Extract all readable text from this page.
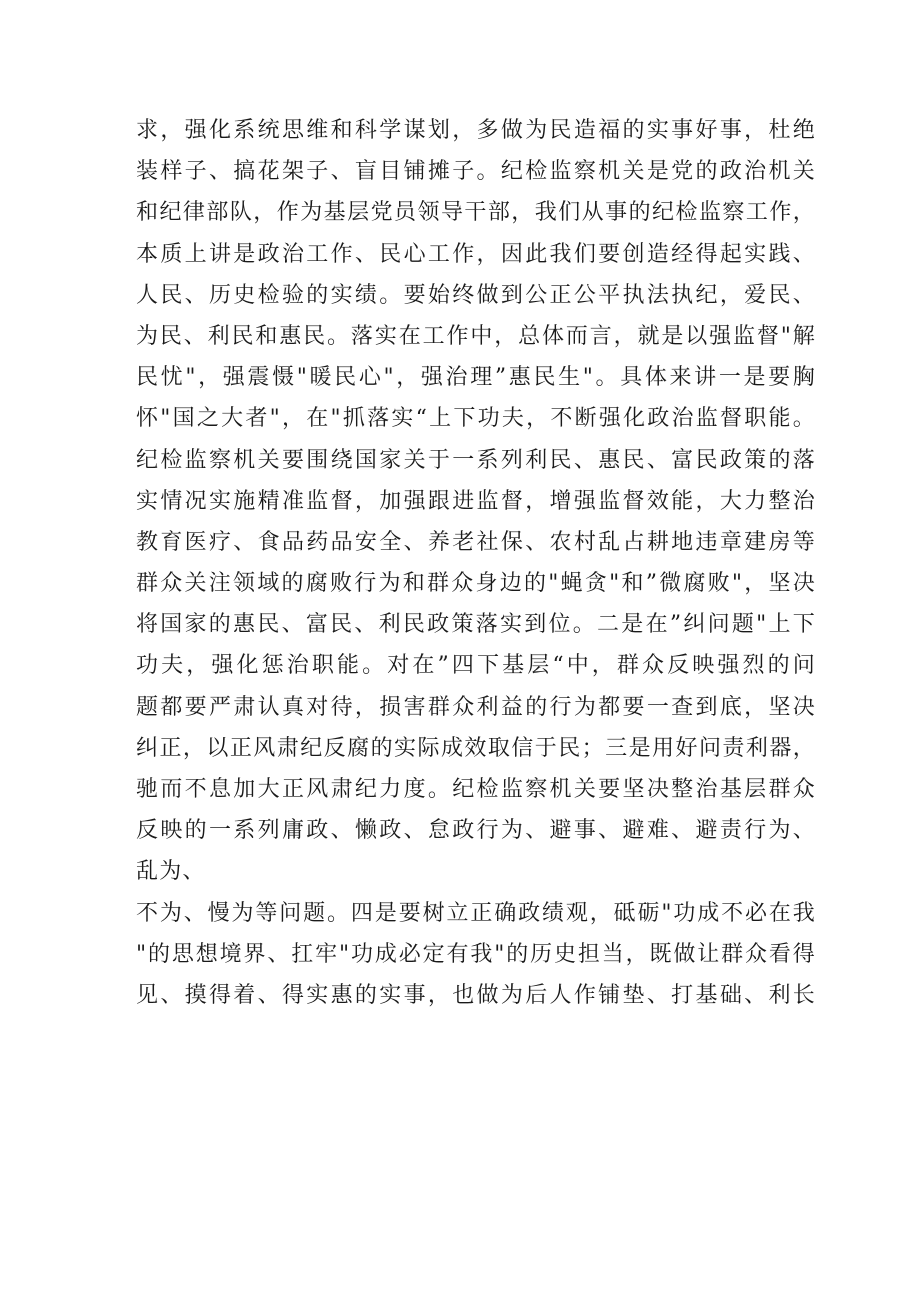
求，强化系统思维和科学谋划，多做为民造福的实事好事，杜绝
装样子、搞花架子、盲目铺摊子。纪检监察机关是党的政治机关
和纪律部队，作为基层党员领导干部，我们从事的纪检监察工作，
本质上讲是政治工作、民心工作，因此我们要创造经得起实践、
人民、历史检验的实绩。要始终做到公正公平执法执纪，爱民、
为民、利民和惠民。落实在工作中，总体而言，就是以强监督"解
民忧"，强震慑"暖民心"，强治理”惠民生"。具体来讲一是要胸
怀"国之大者"，在"抓落实“上下功夫，不断强化政治监督职能。
纪检监察机关要围绕国家关于一系列利民、惠民、富民政策的落
实情况实施精准监督，加强跟进监督，增强监督效能，大力整治
教育医疗、食品药品安全、养老社保、农村乱占耕地违章建房等
群众关注领域的腐败行为和群众身边的"蝇贪"和”微腐败"，坚决
将国家的惠民、富民、利民政策落实到位。二是在”纠问题"上下
功夫，强化惩治职能。对在”四下基层“中，群众反映强烈的问
题都要严肃认真对待，损害群众利益的行为都要一查到底，坚决
纠正，以正风肃纪反腐的实际成效取信于民；三是用好问责利器，
驰而不息加大正风肃纪力度。纪检监察机关要坚决整治基层群众
反映的一系列庸政、懒政、怠政行为、避事、避难、避责行为、
乱为、
不为、慢为等问题。四是要树立正确政绩观，砥砺"功成不必在我
"的思想境界、扛牢"功成必定有我"的历史担当，既做让群众看得
见、摸得着、得实惠的实事，也做为后人作铺垫、打基础、利长
